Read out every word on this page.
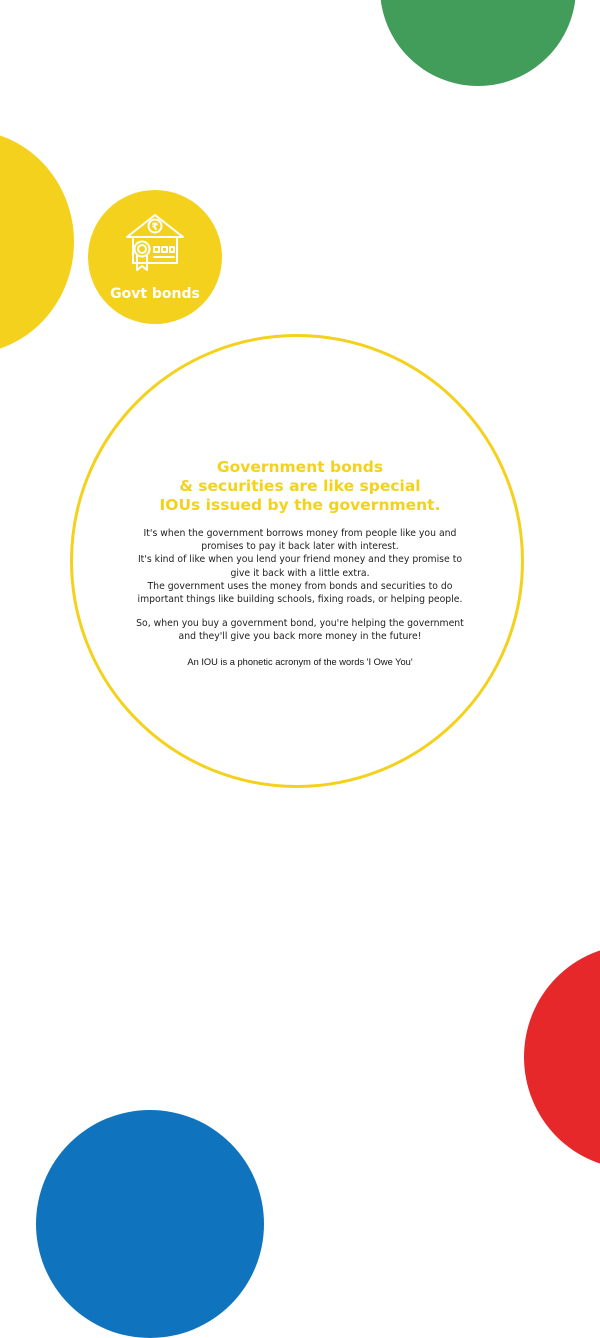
₹
Govt bonds
Government bonds
& securities are like special
IOUs issued by the government.

It's when the government borrows money from people like you and
promises to pay it back later with interest.
It's kind of like when you lend your friend money and they promise to
give it back with a little extra.
The government uses the money from bonds and securities to do
important things like building schools, fixing roads, or helping people.

So, when you buy a government bond, you're helping the government
and they'll give you back more money in the future!

An IOU is a phonetic acronym of the words 'I Owe You'
